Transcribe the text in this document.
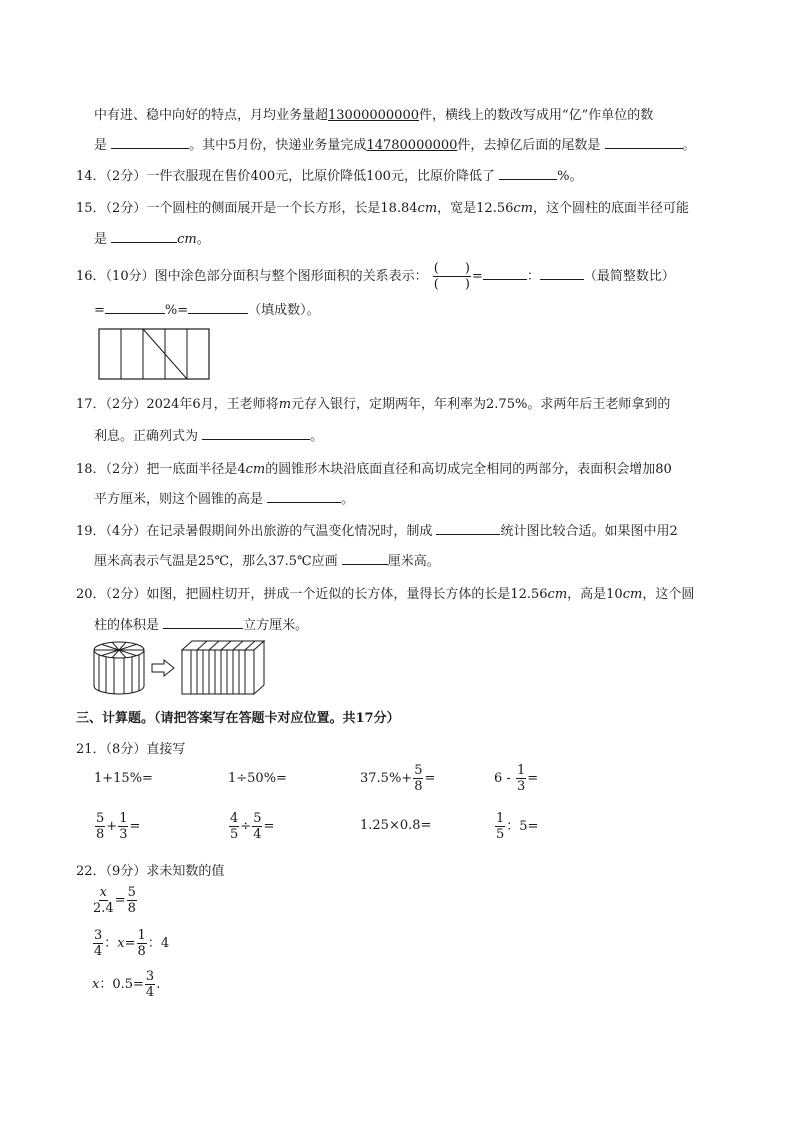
中有进、稳中向好的特点，月均业务量超13000000000件，横线上的数改写成用“亿”作单位的数
是	。其中5月份，快递业务量完成14780000000件，去掉亿后面的尾数是	。
14．（2分）一件衣服现在售价400元，比原价降低100元，比原价降低了	%。
15．（2分）一个圆柱的侧面展开是一个长方形，长是18.84cm，宽是12.56cm，这个圆柱的底面半径可能
是	cm。
16．（10分）图中涂色部分面积与整个图形面积的关系表示： $\frac{( )}{( )}$ =	：	（最简整数比）
=	%=	（填成数）。
17．（2分）2024年6月，王老师将m元存入银行，定期两年，年利率为2.75%。求两年后王老师拿到的
利息。正确列式为	。
18．（2分）把一底面半径是4cm的圆锥形木块沿底面直径和高切成完全相同的两部分，表面积会增加80
平方厘米，则这个圆锥的高是	。
19．（4分）在记录暑假期间外出旅游的气温变化情况时，制成	统计图比较合适。如果图中用2
厘米高表示气温是25℃，那么37.5℃应画	厘米高。
20．（2分）如图，把圆柱切开，拼成一个近似的长方体，量得长方体的长是12.56cm，高是10cm，这个圆
柱的体积是	立方厘米。
三、计算题。（请把答案写在答题卡对应位置。共17分）
21．（8分）直接写
1+15%=	1÷50%=	$37.5\%+ \frac{5}{8}$ =	$6 - \frac{1}{3}$ =
$\frac{5}{8} + \frac{1}{3}$ =	$\frac{4}{5} \div \frac{5}{4}$ =	1.25×0.8=	$\frac{1}{5}$ ：5=
22．（9分）求未知数的值
$\frac{x}{2.4} = \frac{5}{8}$
$\frac{3}{4}$ ：$x= \frac{1}{8}$ ：4
x：$0.5= \frac{3}{4}$ .
